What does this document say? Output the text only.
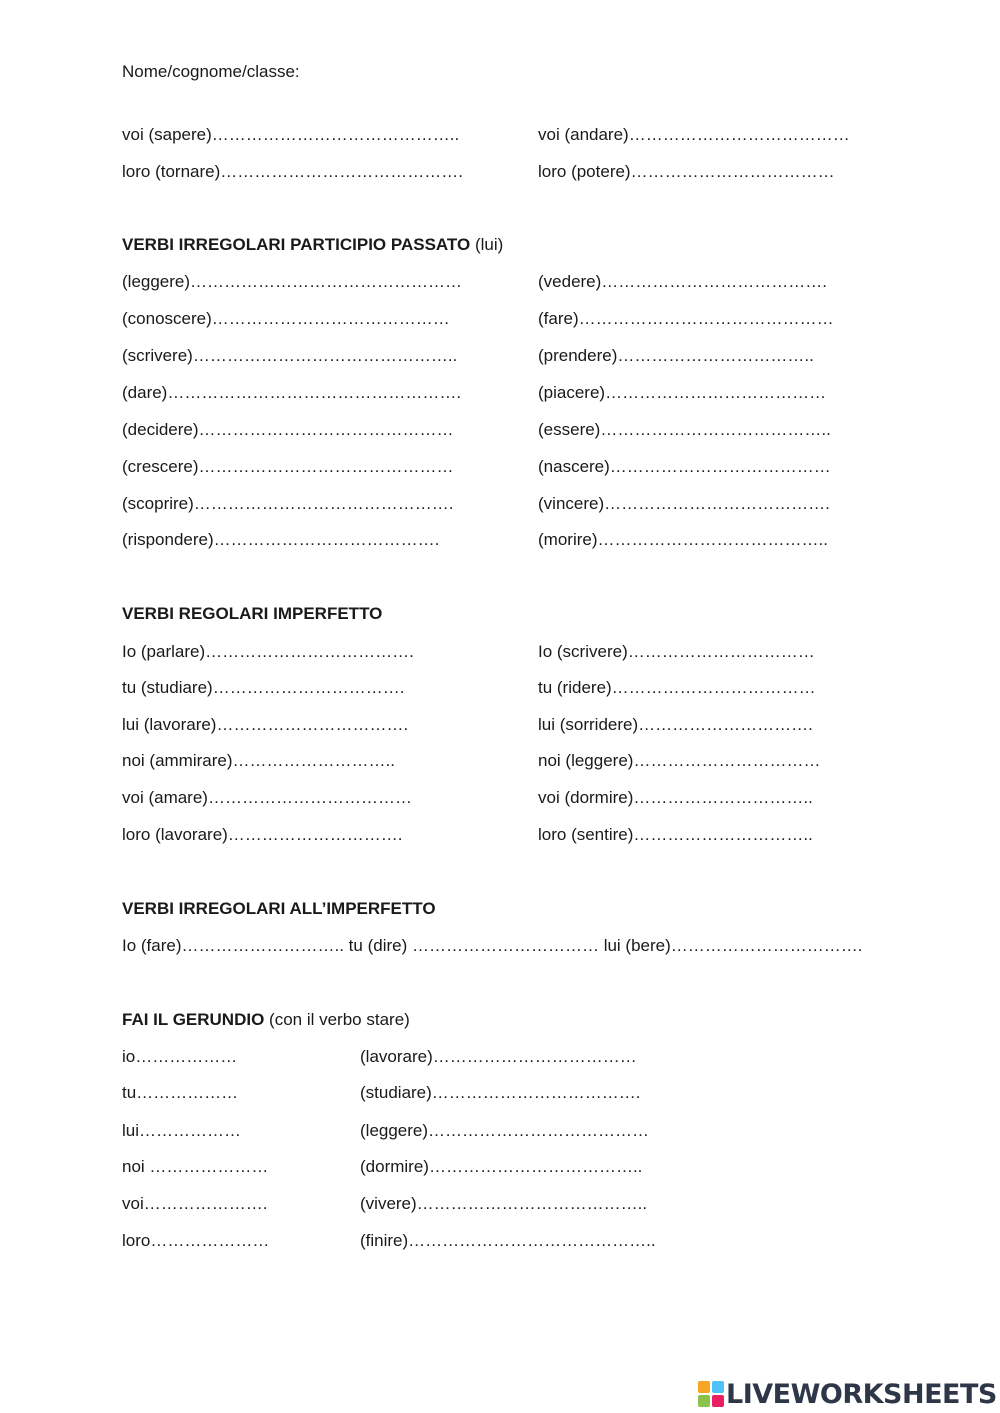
Nome/cognome/classe:
voi (sapere)……………………………………..	voi (andare)…………………………………
loro (tornare)…………………………………….	loro (potere)………………………………
VERBI IRREGOLARI PARTICIPIO PASSATO (lui)
(leggere)…………………………………………	(vedere)………………………………….
(conoscere)……………………………………	(fare)………………………………………
(scrivere)………………………………………..	(prendere)……………………………..
(dare)…………………………………………….	(piacere)…………………………………
(decidere)………………………………………	(essere)…………………………………..
(crescere)………………………………………	(nascere)…………………………………
(scoprire)……………………………………….	(vincere)………………………………….
(rispondere)………………………………….	(morire)…………………………………..
VERBI REGOLARI IMPERFETTO
Io (parlare)……………………………….	Io (scrivere)……………………………
tu (studiare)…………………………….	tu (ridere)………………………………
lui (lavorare)…………………………….	lui (sorridere)………………………….
noi (ammirare)………………………..	noi (leggere)……………………………
voi (amare)………………………………	voi (dormire)…………………………..
loro (lavorare)………………………….	loro (sentire)…………………………..
VERBI IRREGOLARI ALL’IMPERFETTO
Io (fare)……………………….. tu (dire) …………………………… lui (bere)…………………………….
FAI IL GERUNDIO (con il verbo stare)
io………………	(lavorare)………………………………
tu………………	(studiare)……………………………….
lui………………	(leggere)…………………………………
noi …………………	(dormire)………………………………..
voi………………….	(vivere)…………………………………..
loro…………………	(finire)……………………………………..
LIVEWORKSHEETS
